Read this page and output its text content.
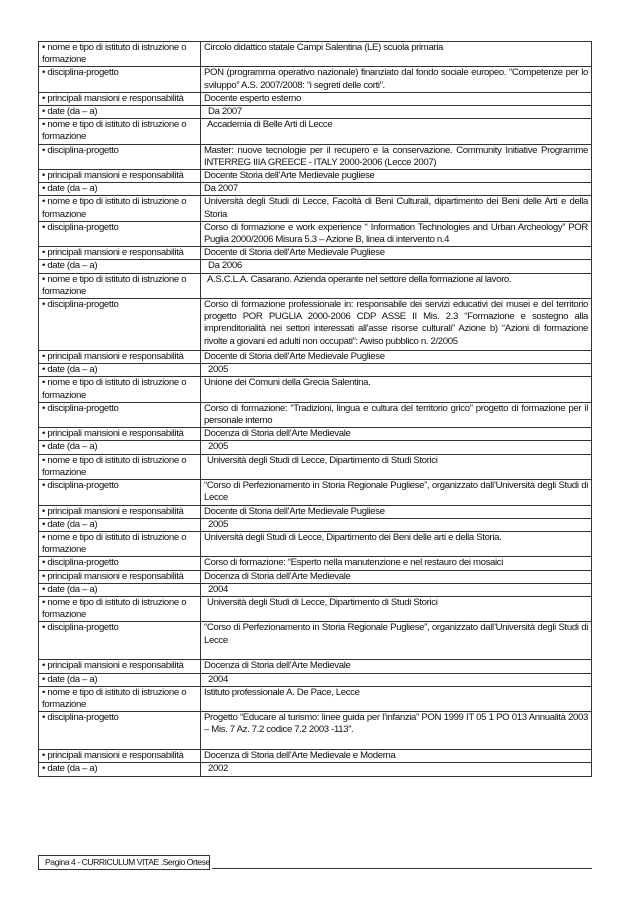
• nome e tipo di istituto di istruzione o formazione	Circolo didattico statale Campi Salentina (LE) scuola primaria
• disciplina-progetto	PON (programma operativo nazionale) finanziato dal fondo sociale europeo. “Competenze per lo sviluppo” A.S. 2007/2008: “i segreti delle corti”.
• principali mansioni e responsabilità	Docente esperto esterno
• date (da – a)	Da 2007
• nome e tipo di istituto di istruzione o formazione	Accademia di Belle Arti di Lecce
• disciplina-progetto	Master: nuove tecnologie per il recupero e la conservazione. Community Initiative Programme INTERREG IIIA GREECE - ITALY 2000-2006 (Lecce 2007)
• principali mansioni e responsabilità	Docente Storia dell’Arte Medievale pugliese
• date (da – a)	Da 2007
• nome e tipo di istituto di istruzione o formazione	Università degli Studi di Lecce, Facoltà di Beni Culturali, dipartimento dei Beni delle Arti e della Storia
• disciplina-progetto	Corso di formazione e work experience “ Information Technologies and Urban Archeology” POR Puglia 2000/2006 Misura 5.3 – Azione B, linea di intervento n.4
• principali mansioni e responsabilità	Docente di Storia dell’Arte Medievale Pugliese
• date (da – a)	Da 2006
• nome e tipo di istituto di istruzione o formazione	A.S.C.L.A. Casarano. Azienda operante nel settore della formazione al lavoro.
• disciplina-progetto	Corso di formazione professionale in: responsabile dei servizi educativi dei musei e del territorio progetto POR PUGLIA 2000-2006 CDP ASSE II Mis. 2.3 “Formazione e sostegno alla imprenditorialità nei settori interessati all’asse risorse culturali” Azione b) “Azioni di formazione rivolte a giovani ed adulti non occupati”: Awiso pubblico n. 2/2005
• principali mansioni e responsabilità	Docente di Storia dell’Arte Medievale Pugliese
• date (da – a)	2005
• nome e tipo di istituto di istruzione o formazione	Unione dei Comuni della Grecia Salentina.
• disciplina-progetto	Corso di formazione: “Tradizioni, lingua e cultura del territorio grico” progetto di formazione per il personale interno
• principali mansioni e responsabilità	Docenza di Storia dell’Arte Medievale
• date (da – a)	2005
• nome e tipo di istituto di istruzione o formazione	Università degli Studi di Lecce, Dipartimento di Studi Storici
• disciplina-progetto	“Corso di Perfezionamento in Storia Regionale Pugliese”, organizzato dall’Università degli Studi di Lecce
• principali mansioni e responsabilità	Docente di Storia dell’Arte Medievale Pugliese
• date (da – a)	2005
• nome e tipo di istituto di istruzione o formazione	Università degli Studi di Lecce, Dipartimento dei Beni delle arti e della Storia.
• disciplina-progetto	Corso di formazione: “Esperto nella manutenzione e nel restauro dei mosaici
• principali mansioni e responsabilità	Docenza di Storia dell’Arte Medievale
• date (da – a)	2004
• nome e tipo di istituto di istruzione o formazione	Università degli Studi di Lecce, Dipartimento di Studi Storici
• disciplina-progetto	“Corso di Perfezionamento in Storia Regionale Pugliese”, organizzato dall’Università degli Studi di Lecce
• principali mansioni e responsabilità	Docenza di Storia dell’Arte Medievale
• date (da – a)	2004
• nome e tipo di istituto di istruzione o formazione	Istituto professionale A. De Pace, Lecce
• disciplina-progetto	Progetto “Educare al turismo: linee guida per l’infanzia” PON 1999 IT 05 1 PO 013 Annualità 2003 – Mis. 7 Az. 7.2 codice 7.2 2003 -113”.
• principali mansioni e responsabilità	Docenza di Storia dell’Arte Medievale e Moderna
• date (da – a)	2002
Pagina 4 - CURRICULUM VITAE .Sergio Ortese
